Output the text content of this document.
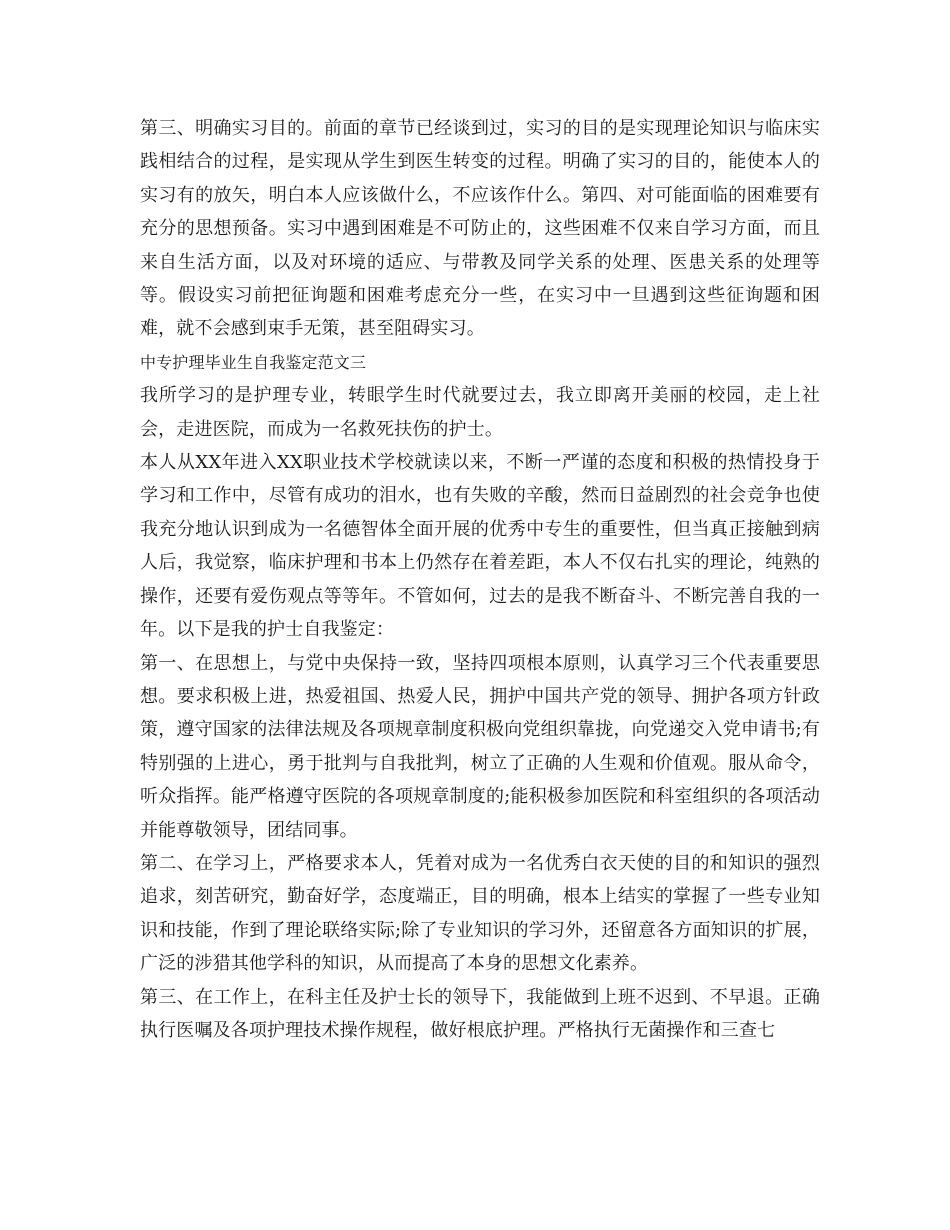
第三、明确实习目的。前面的章节已经谈到过，实习的目的是实现理论知识与临床实践相结合的过程，是实现从学生到医生转变的过程。明确了实习的目的，能使本人的实习有的放矢，明白本人应该做什么，不应该作什么。第四、对可能面临的困难要有充分的思想预备。实习中遇到困难是不可防止的，这些困难不仅来自学习方面，而且来自生活方面，以及对环境的适应、与带教及同学关系的处理、医患关系的处理等等。假设实习前把征询题和困难考虑充分一些，在实习中一旦遇到这些征询题和困难，就不会感到束手无策，甚至阻碍实习。

中专护理毕业生自我鉴定范文三

我所学习的是护理专业，转眼学生时代就要过去，我立即离开美丽的校园，走上社会，走进医院，而成为一名救死扶伤的护士。

本人从XX年进入XX职业技术学校就读以来，不断一严谨的态度和积极的热情投身于学习和工作中，尽管有成功的泪水，也有失败的辛酸，然而日益剧烈的社会竞争也使我充分地认识到成为一名德智体全面开展的优秀中专生的重要性，但当真正接触到病人后，我觉察，临床护理和书本上仍然存在着差距，本人不仅右扎实的理论，纯熟的操作，还要有爱伤观点等等年。不管如何，过去的是我不断奋斗、不断完善自我的一年。以下是我的护士自我鉴定：

第一、在思想上，与党中央保持一致，坚持四项根本原则，认真学习三个代表重要思想。要求积极上进，热爱祖国、热爱人民，拥护中国共产党的领导、拥护各项方针政策，遵守国家的法律法规及各项规章制度积极向党组织靠拢，向党递交入党申请书;有特别强的上进心，勇于批判与自我批判，树立了正确的人生观和价值观。服从命令，听众指挥。能严格遵守医院的各项规章制度的;能积极参加医院和科室组织的各项活动并能尊敬领导，团结同事。

第二、在学习上，严格要求本人，凭着对成为一名优秀白衣天使的目的和知识的强烈追求，刻苦研究，勤奋好学，态度端正，目的明确，根本上结实的掌握了一些专业知识和技能，作到了理论联络实际;除了专业知识的学习外，还留意各方面知识的扩展，广泛的涉猎其他学科的知识，从而提高了本身的思想文化素养。

第三、在工作上，在科主任及护士长的领导下，我能做到上班不迟到、不早退。正确执行医嘱及各项护理技术操作规程，做好根底护理。严格执行无菌操作和三查七
